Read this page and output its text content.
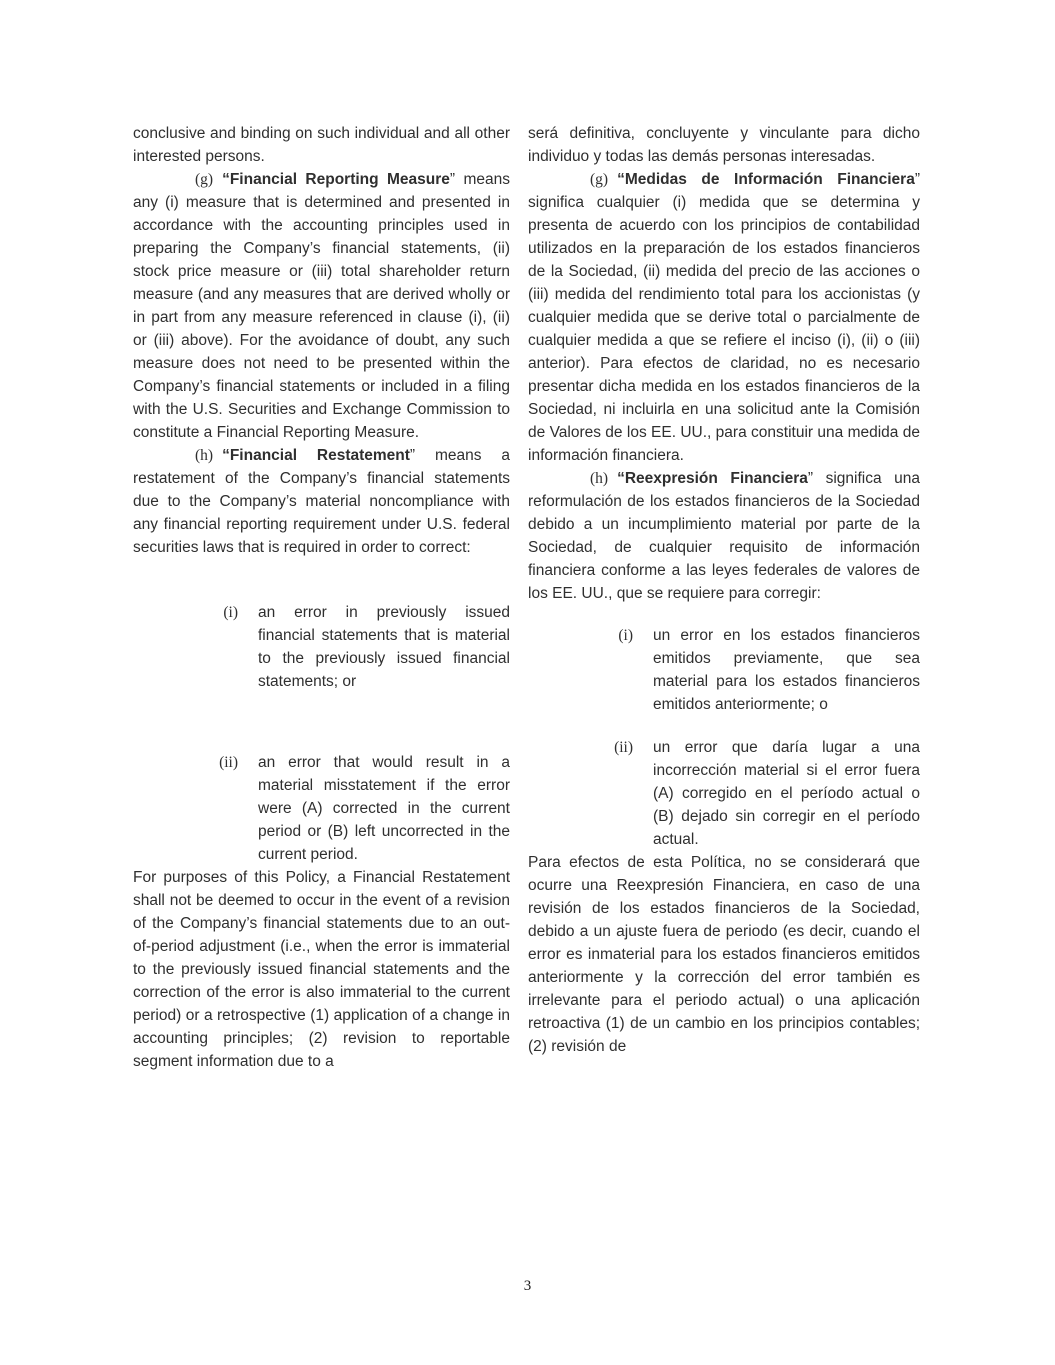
conclusive and binding on such individual and all other interested persons.

(g) “Financial Reporting Measure” means any (i) measure that is determined and presented in accordance with the accounting principles used in preparing the Company’s financial statements, (ii) stock price measure or (iii) total shareholder return measure (and any measures that are derived wholly or in part from any measure referenced in clause (i), (ii) or (iii) above). For the avoidance of doubt, any such measure does not need to be presented within the Company’s financial statements or included in a filing with the U.S. Securities and Exchange Commission to constitute a Financial Reporting Measure.

(h) “Financial Restatement” means a restatement of the Company’s financial statements due to the Company’s material noncompliance with any financial reporting requirement under U.S. federal securities laws that is required in order to correct:

(i) an error in previously issued financial statements that is material to the previously issued financial statements; or
(ii) an error that would result in a material misstatement if the error were (A) corrected in the current period or (B) left uncorrected in the current period.

For purposes of this Policy, a Financial Restatement shall not be deemed to occur in the event of a revision of the Company’s financial statements due to an out-of-period adjustment (i.e., when the error is immaterial to the previously issued financial statements and the correction of the error is also immaterial to the current period) or a retrospective (1) application of a change in accounting principles; (2) revision to reportable segment information due to a

será definitiva, concluyente y vinculante para dicho individuo y todas las demás personas interesadas.

(g) “Medidas de Información Financiera” significa cualquier (i) medida que se determina y presenta de acuerdo con los principios de contabilidad utilizados en la preparación de los estados financieros de la Sociedad, (ii) medida del precio de las acciones o (iii) medida del rendimiento total para los accionistas (y cualquier medida que se derive total o parcialmente de cualquier medida a que se refiere el inciso (i), (ii) o (iii) anterior). Para efectos de claridad, no es necesario presentar dicha medida en los estados financieros de la Sociedad, ni incluirla en una solicitud ante la Comisión de Valores de los EE. UU., para constituir una medida de información financiera.

(h) “Reexpresión Financiera” significa una reformulación de los estados financieros de la Sociedad debido a un incumplimiento material por parte de la Sociedad, de cualquier requisito de información financiera conforme a las leyes federales de valores de los EE. UU., que se requiere para corregir:

(i) un error en los estados financieros emitidos previamente, que sea material para los estados financieros emitidos anteriormente; o
(ii) un error que daría lugar a una incorrección material si el error fuera (A) corregido en el período actual o (B) dejado sin corregir en el período actual.

Para efectos de esta Política, no se considerará que ocurre una Reexpresión Financiera, en caso de una revisión de los estados financieros de la Sociedad, debido a un ajuste fuera de periodo (es decir, cuando el error es inmaterial para los estados financieros emitidos anteriormente y la corrección del error también es irrelevante para el periodo actual) o una aplicación retroactiva (1) de un cambio en los principios contables; (2) revisión de

3
